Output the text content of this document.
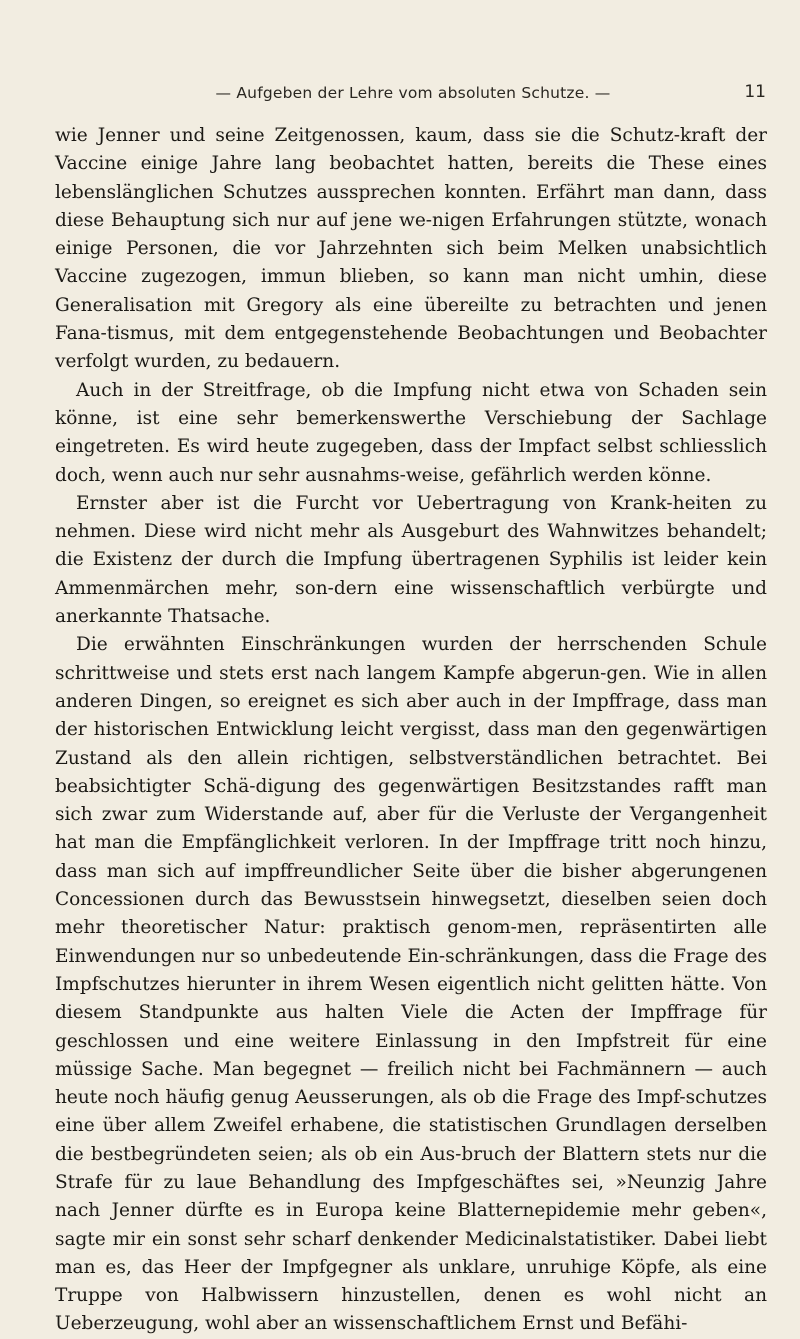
— Aufgeben der Lehre vom absoluten Schutze. —	11

wie Jenner und seine Zeitgenossen, kaum, dass sie die Schutz-kraft der Vaccine einige Jahre lang beobachtet hatten, bereits die These eines lebenslänglichen Schutzes aussprechen konnten. Erfährt man dann, dass diese Behauptung sich nur auf jene we-nigen Erfahrungen stützte, wonach einige Personen, die vor Jahrzehnten sich beim Melken unabsichtlich Vaccine zugezogen, immun blieben, so kann man nicht umhin, diese Generalisation mit Gregory als eine übereilte zu betrachten und jenen Fana-tismus, mit dem entgegenstehende Beobachtungen und Beobachter verfolgt wurden, zu bedauern.

Auch in der Streitfrage, ob die Impfung nicht etwa von Schaden sein könne, ist eine sehr bemerkenswerthe Verschiebung der Sachlage eingetreten. Es wird heute zugegeben, dass der Impfact selbst schliesslich doch, wenn auch nur sehr ausnahms-weise, gefährlich werden könne.

Ernster aber ist die Furcht vor Uebertragung von Krank-heiten zu nehmen. Diese wird nicht mehr als Ausgeburt des Wahnwitzes behandelt; die Existenz der durch die Impfung übertragenen Syphilis ist leider kein Ammenmärchen mehr, son-dern eine wissenschaftlich verbürgte und anerkannte Thatsache.

Die erwähnten Einschränkungen wurden der herrschenden Schule schrittweise und stets erst nach langem Kampfe abgerun-gen. Wie in allen anderen Dingen, so ereignet es sich aber auch in der Impffrage, dass man der historischen Entwicklung leicht vergisst, dass man den gegenwärtigen Zustand als den allein richtigen, selbstverständlichen betrachtet. Bei beabsichtigter Schä-digung des gegenwärtigen Besitzstandes rafft man sich zwar zum Widerstande auf, aber für die Verluste der Vergangenheit hat man die Empfänglichkeit verloren. In der Impffrage tritt noch hinzu, dass man sich auf impffreundlicher Seite über die bisher abgerungenen Concessionen durch das Bewusstsein hinwegsetzt, dieselben seien doch mehr theoretischer Natur: praktisch genom-men, repräsentirten alle Einwendungen nur so unbedeutende Ein-schränkungen, dass die Frage des Impfschutzes hierunter in ihrem Wesen eigentlich nicht gelitten hätte. Von diesem Standpunkte aus halten Viele die Acten der Impffrage für geschlossen und eine weitere Einlassung in den Impfstreit für eine müssige Sache. Man begegnet — freilich nicht bei Fachmännern — auch heute noch häufig genug Aeusserungen, als ob die Frage des Impf-schutzes eine über allem Zweifel erhabene, die statistischen Grundlagen derselben die bestbegründeten seien; als ob ein Aus-bruch der Blattern stets nur die Strafe für zu laue Behandlung des Impfgeschäftes sei, »Neunzig Jahre nach Jenner dürfte es in Europa keine Blatternepidemie mehr geben«, sagte mir ein sonst sehr scharf denkender Medicinalstatistiker. Dabei liebt man es, das Heer der Impfgegner als unklare, unruhige Köpfe, als eine Truppe von Halbwissern hinzustellen, denen es wohl nicht an Ueberzeugung, wohl aber an wissenschaftlichem Ernst und Befähi-
